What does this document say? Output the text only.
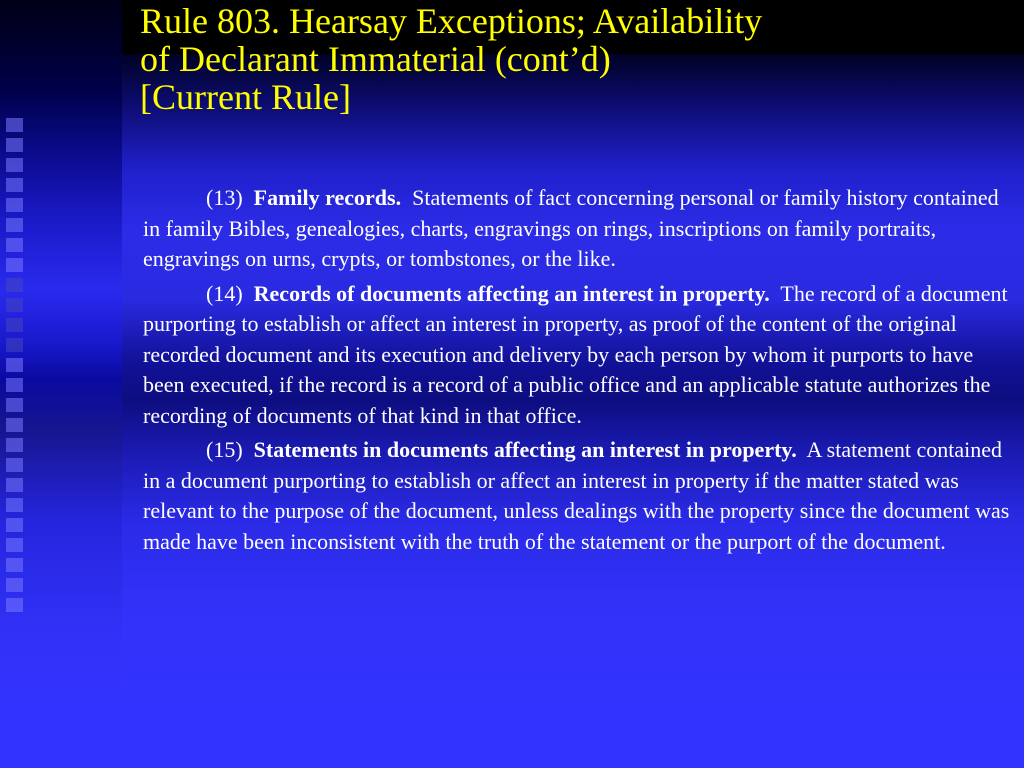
Rule 803. Hearsay Exceptions; Availability
of Declarant Immaterial (cont’d)
[Current Rule]

(13) Family records. Statements of fact concerning personal or family history contained in family Bibles, genealogies, charts, engravings on rings, inscriptions on family portraits, engravings on urns, crypts, or tombstones, or the like.

(14) Records of documents affecting an interest in property. The record of a document purporting to establish or affect an interest in property, as proof of the content of the original recorded document and its execution and delivery by each person by whom it purports to have been executed, if the record is a record of a public office and an applicable statute authorizes the recording of documents of that kind in that office.

(15) Statements in documents affecting an interest in property. A statement contained in a document purporting to establish or affect an interest in property if the matter stated was relevant to the purpose of the document, unless dealings with the property since the document was made have been inconsistent with the truth of the statement or the purport of the document.
